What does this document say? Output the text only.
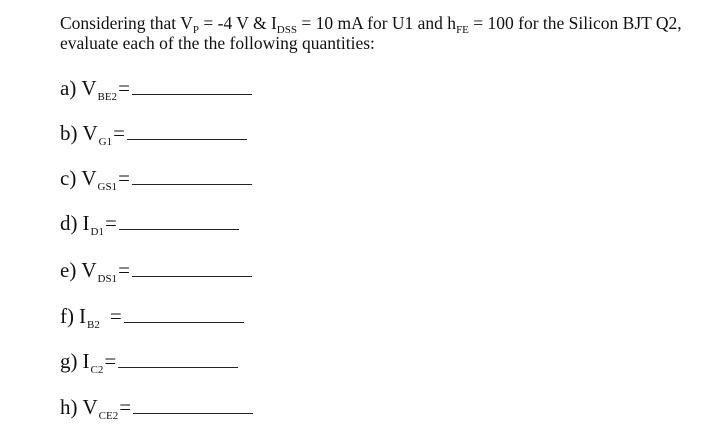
Considering that $V_P = -4$ V & $I_{DSS} = 10$ mA for U1 and $h_{FE} = 100$ for the Silicon BJT Q2,
evaluate each of the the following quantities:

a) $V_{BE2}=$
b) $V_{G1}=$
c) $V_{GS1}=$
d) $I_{D1}=$
e) $V_{DS1}=$
f) $I_{B2}$ =
g) $I_{C2}=$
h) $V_{CE2}=$
